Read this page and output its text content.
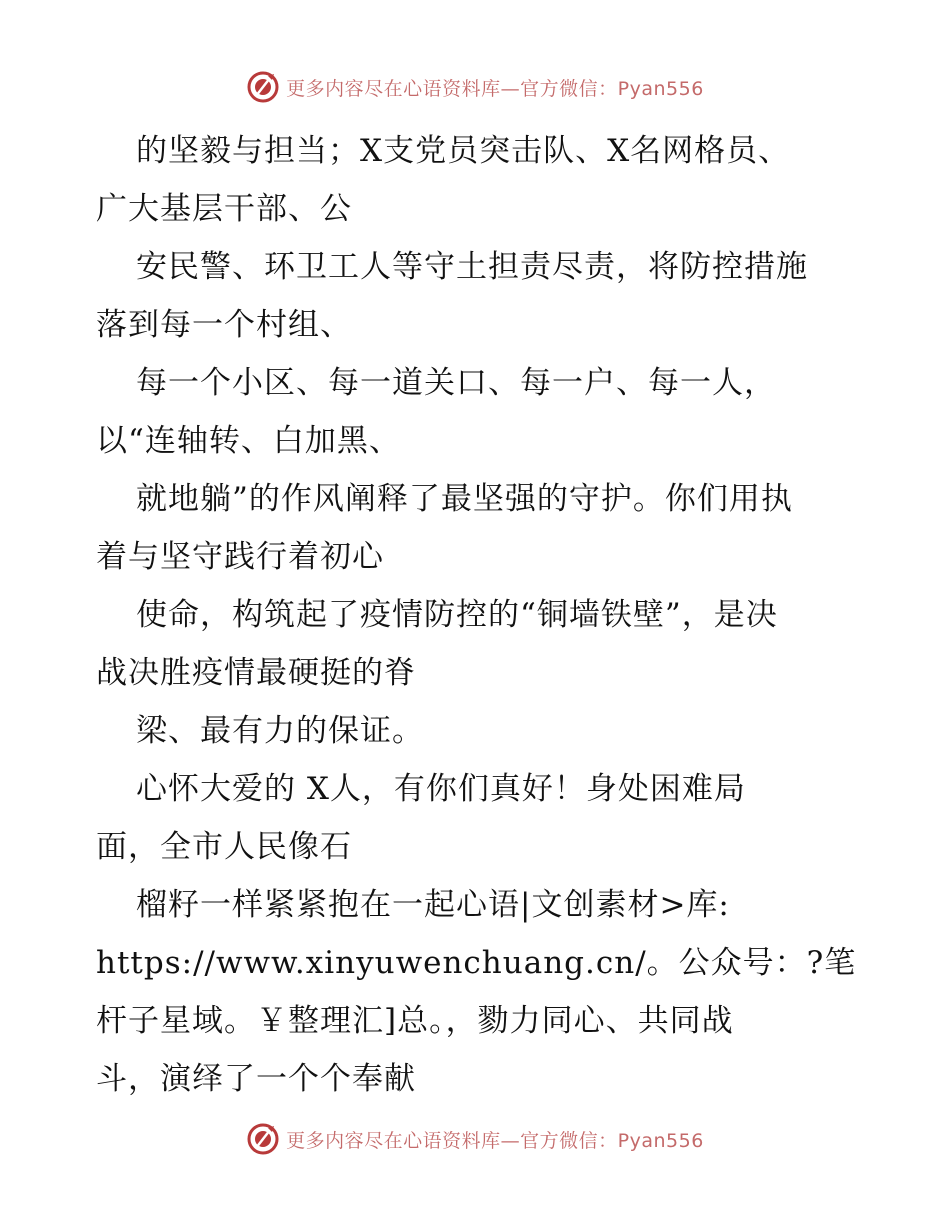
更多内容尽在心语资料库—官方微信：Pyan556
的坚毅与担当；X支党员突击队、X名网格员、
广大基层干部、公
安民警、环卫工人等守土担责尽责，将防控措施
落到每一个村组、
每一个小区、每一道关口、每一户、每一人，
以“连轴转、白加黑、
就地躺”的作风阐释了最坚强的守护。你们用执
着与坚守践行着初心
使命，构筑起了疫情防控的“铜墙铁壁”，是决
战决胜疫情最硬挺的脊
梁、最有力的保证。
心怀大爱的 X人，有你们真好！身处困难局
面，全市人民像石
榴籽一样紧紧抱在一起心语|文创素材>库:
https://www.xinyuwenchuang.cn/。公众号：?笔
杆子星域。￥整理汇]总。，勠力同心、共同战
斗，演绎了一个个奉献
更多内容尽在心语资料库—官方微信：Pyan556
